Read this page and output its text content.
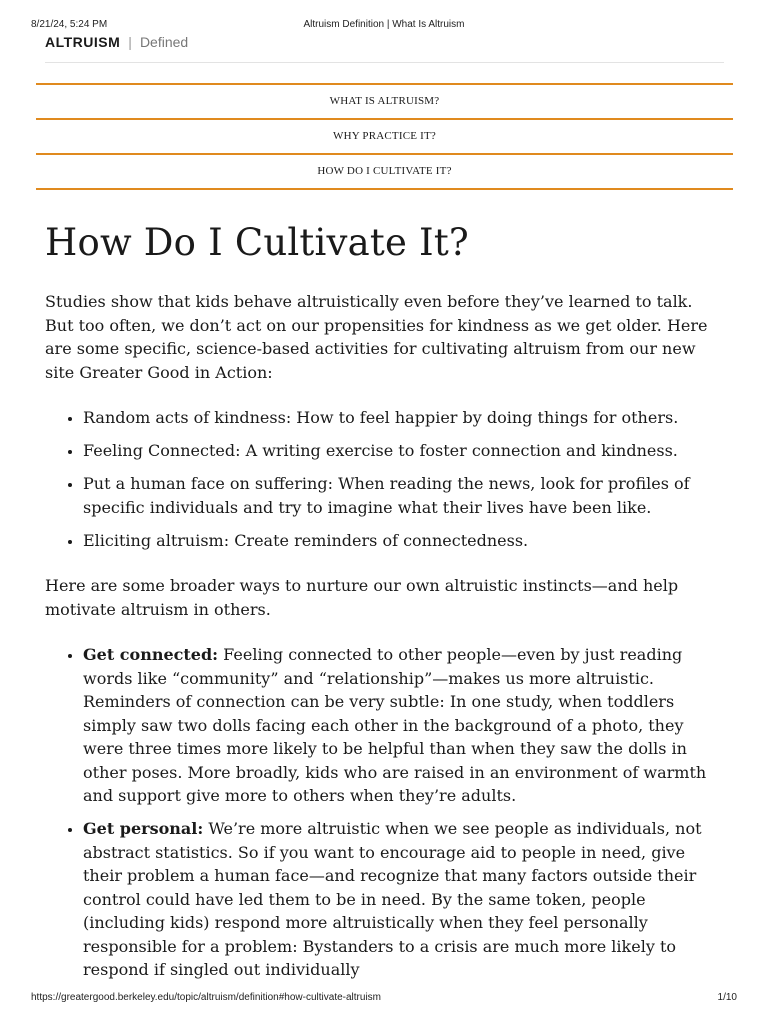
8/21/24, 5:24 PM	Altruism Definition | What Is Altruism
ALTRUISM | Defined
WHAT IS ALTRUISM?
WHY PRACTICE IT?
HOW DO I CULTIVATE IT?
How Do I Cultivate It?

Studies show that kids behave altruistically even before they’ve learned to talk. But too often, we don’t act on our propensities for kindness as we get older. Here are some specific, science-based activities for cultivating altruism from our new site Greater Good in Action:

• Random acts of kindness: How to feel happier by doing things for others.
• Feeling Connected: A writing exercise to foster connection and kindness.
• Put a human face on suffering: When reading the news, look for profiles of specific individuals and try to imagine what their lives have been like.
• Eliciting altruism: Create reminders of connectedness.

Here are some broader ways to nurture our own altruistic instincts—and help motivate altruism in others.

• Get connected: Feeling connected to other people—even by just reading words like “community” and “relationship”—makes us more altruistic. Reminders of connection can be very subtle: In one study, when toddlers simply saw two dolls facing each other in the background of a photo, they were three times more likely to be helpful than when they saw the dolls in other poses. More broadly, kids who are raised in an environment of warmth and support give more to others when they’re adults.
• Get personal: We’re more altruistic when we see people as individuals, not abstract statistics. So if you want to encourage aid to people in need, give their problem a human face—and recognize that many factors outside their control could have led them to be in need. By the same token, people (including kids) respond more altruistically when they feel personally responsible for a problem: Bystanders to a crisis are much more likely to respond if singled out individually
https://greatergood.berkeley.edu/topic/altruism/definition#how-cultivate-altruism	1/10
